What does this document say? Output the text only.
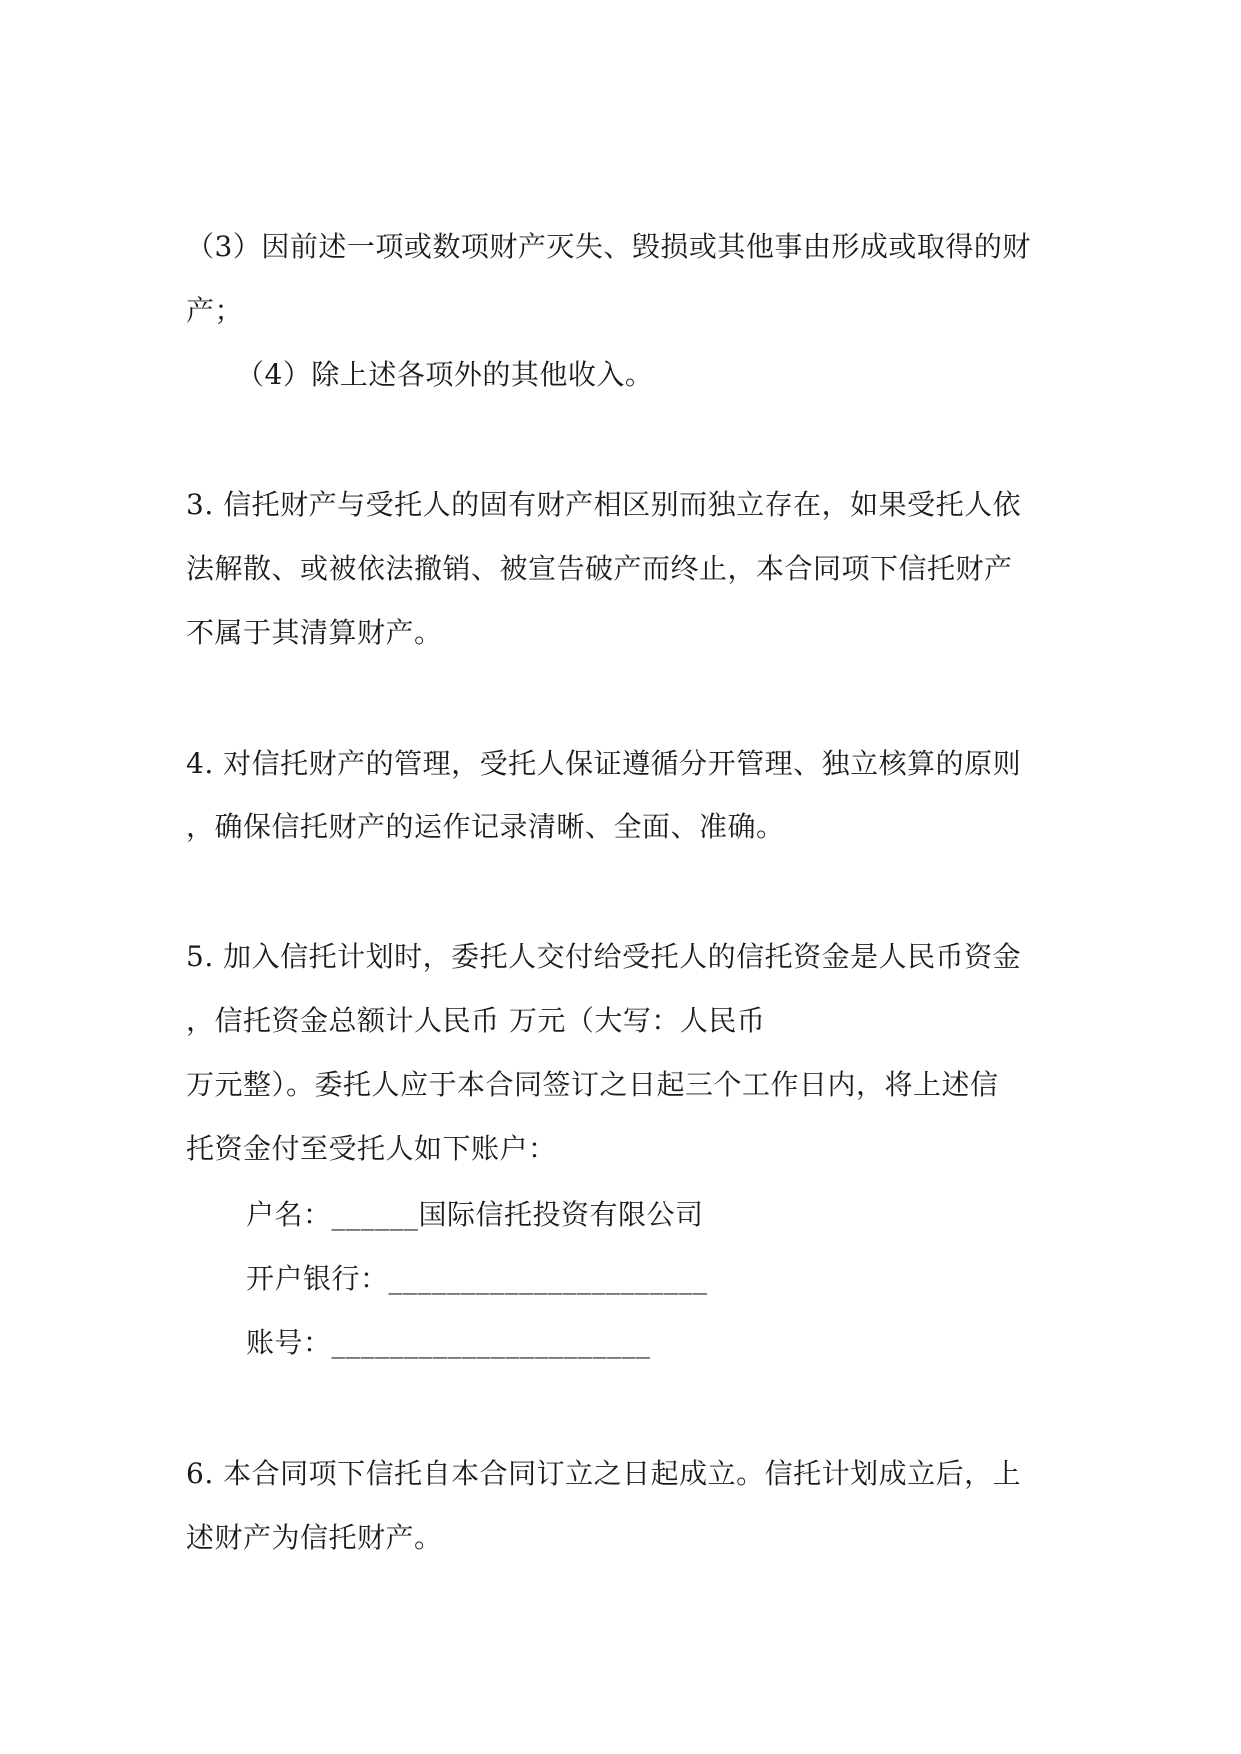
（3）因前述一项或数项财产灭失、毁损或其他事由形成或取得的财
产；
（4）除上述各项外的其他收入。
3. 信托财产与受托人的固有财产相区别而独立存在，如果受托人依
法解散、或被依法撤销、被宣告破产而终止，本合同项下信托财产
不属于其清算财产。
4. 对信托财产的管理，受托人保证遵循分开管理、独立核算的原则
，确保信托财产的运作记录清晰、全面、准确。
5. 加入信托计划时，委托人交付给受托人的信托资金是人民币资金
，信托资金总额计人民币 万元（大写：人民币
万元整）。委托人应于本合同签订之日起三个工作日内，将上述信
托资金付至受托人如下账户：
户名：______国际信托投资有限公司
开户银行：______________________
账号：______________________
6. 本合同项下信托自本合同订立之日起成立。信托计划成立后，上
述财产为信托财产。
